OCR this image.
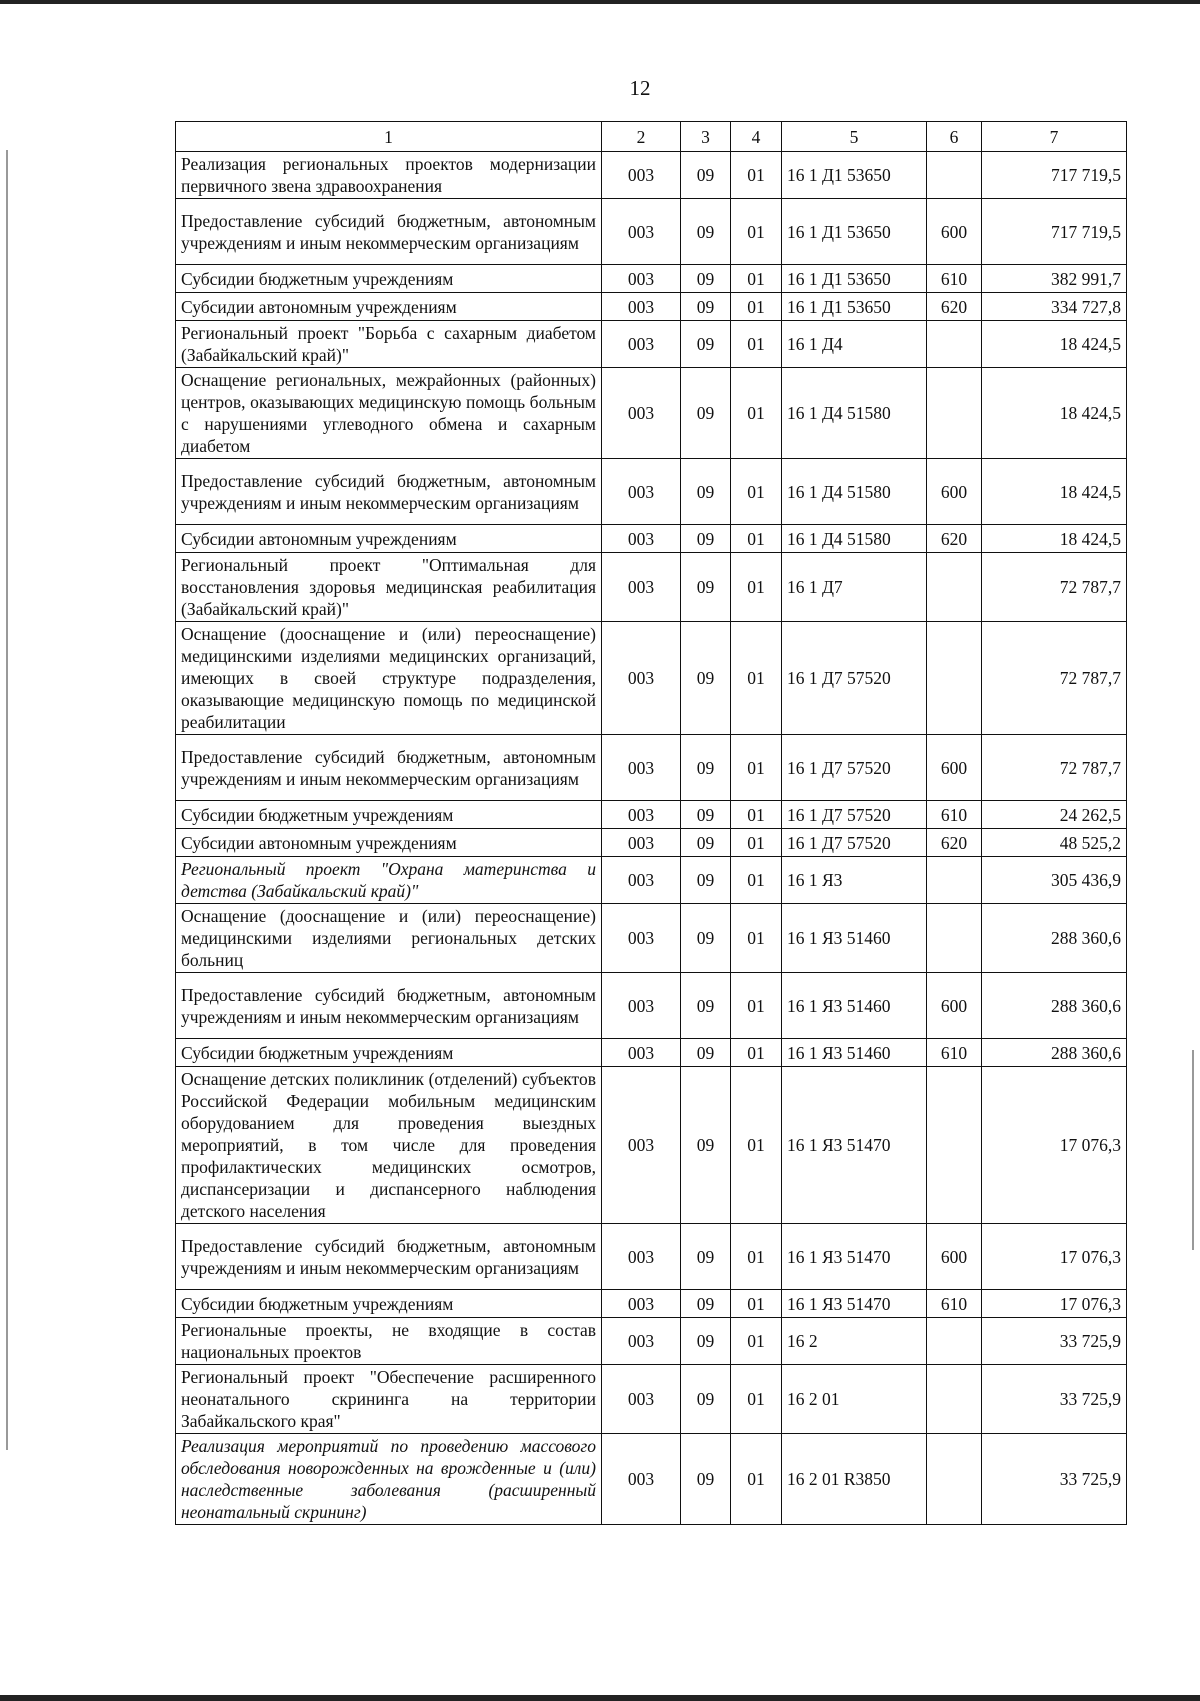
12
1	2	3	4	5	6	7
Реализация региональных проектов модернизации первичного звена здравоохранения	003	09	01	16 1 Д1 53650		717 719,5
Предоставление субсидий бюджетным, автономным учреждениям и иным некоммерческим организациям	003	09	01	16 1 Д1 53650	600	717 719,5
Субсидии бюджетным учреждениям	003	09	01	16 1 Д1 53650	610	382 991,7
Субсидии автономным учреждениям	003	09	01	16 1 Д1 53650	620	334 727,8
Региональный проект "Борьба с сахарным диабетом (Забайкальский край)"	003	09	01	16 1 Д4		18 424,5
Оснащение региональных, межрайонных (районных) центров, оказывающих медицинскую помощь больным с нарушениями углеводного обмена и сахарным диабетом	003	09	01	16 1 Д4 51580		18 424,5
Предоставление субсидий бюджетным, автономным учреждениям и иным некоммерческим организациям	003	09	01	16 1 Д4 51580	600	18 424,5
Субсидии автономным учреждениям	003	09	01	16 1 Д4 51580	620	18 424,5
Региональный проект "Оптимальная для восстановления здоровья медицинская реабилитация (Забайкальский край)"	003	09	01	16 1 Д7		72 787,7
Оснащение (дооснащение и (или) переоснащение) медицинскими изделиями медицинских организаций, имеющих в своей структуре подразделения, оказывающие медицинскую помощь по медицинской реабилитации	003	09	01	16 1 Д7 57520		72 787,7
Предоставление субсидий бюджетным, автономным учреждениям и иным некоммерческим организациям	003	09	01	16 1 Д7 57520	600	72 787,7
Субсидии бюджетным учреждениям	003	09	01	16 1 Д7 57520	610	24 262,5
Субсидии автономным учреждениям	003	09	01	16 1 Д7 57520	620	48 525,2
Региональный проект "Охрана материнства и детства (Забайкальский край)"	003	09	01	16 1 Я3		305 436,9
Оснащение (дооснащение и (или) переоснащение) медицинскими изделиями региональных детских больниц	003	09	01	16 1 Я3 51460		288 360,6
Предоставление субсидий бюджетным, автономным учреждениям и иным некоммерческим организациям	003	09	01	16 1 Я3 51460	600	288 360,6
Субсидии бюджетным учреждениям	003	09	01	16 1 Я3 51460	610	288 360,6
Оснащение детских поликлиник (отделений) субъектов Российской Федерации мобильным медицинским оборудованием для проведения выездных мероприятий, в том числе для проведения профилактических медицинских осмотров, диспансеризации и диспансерного наблюдения детского населения	003	09	01	16 1 Я3 51470		17 076,3
Предоставление субсидий бюджетным, автономным учреждениям и иным некоммерческим организациям	003	09	01	16 1 Я3 51470	600	17 076,3
Субсидии бюджетным учреждениям	003	09	01	16 1 Я3 51470	610	17 076,3
Региональные проекты, не входящие в состав национальных проектов	003	09	01	16 2		33 725,9
Региональный проект "Обеспечение расширенного неонатального скрининга на территории Забайкальского края"	003	09	01	16 2 01		33 725,9
Реализация мероприятий по проведению массового обследования новорожденных на врожденные и (или) наследственные заболевания (расширенный неонатальный скрининг)	003	09	01	16 2 01 R3850		33 725,9
